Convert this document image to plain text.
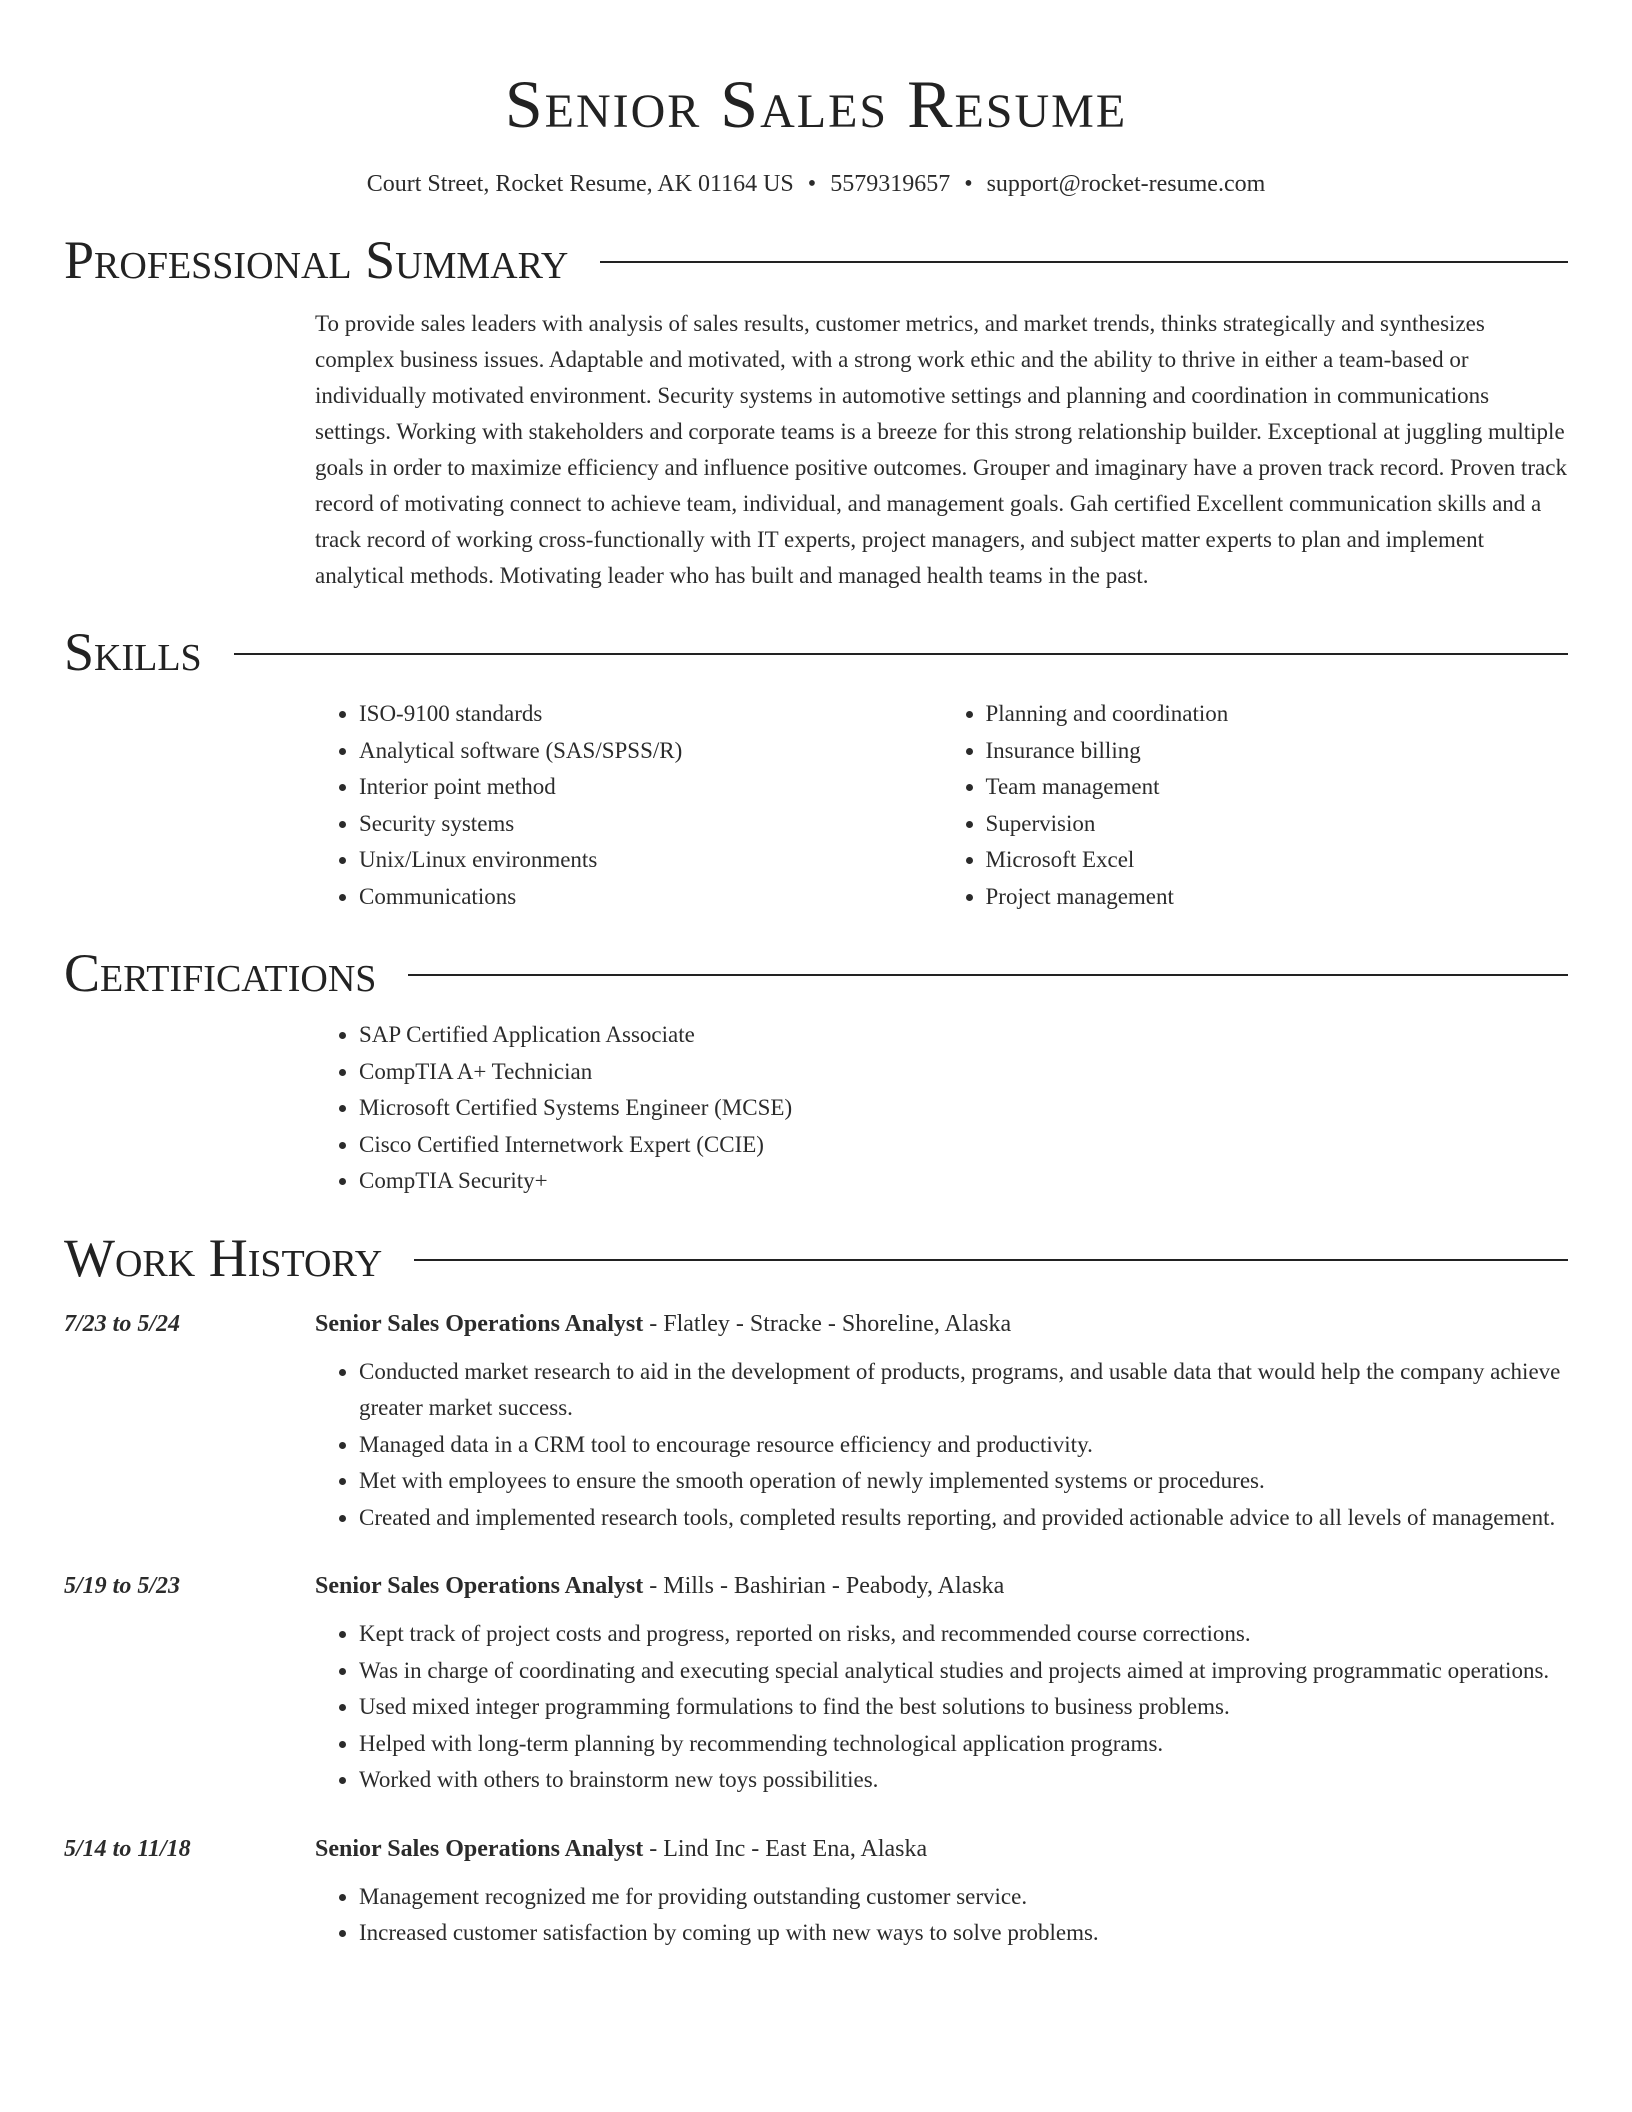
Senior Sales Resume
Court Street, Rocket Resume, AK 01164 US • 5579319657 • support@rocket-resume.com
Professional Summary

To provide sales leaders with analysis of sales results, customer metrics, and market trends, thinks strategically and synthesizes complex business issues. Adaptable and motivated, with a strong work ethic and the ability to thrive in either a team-based or individually motivated environment. Security systems in automotive settings and planning and coordination in communications settings. Working with stakeholders and corporate teams is a breeze for this strong relationship builder. Exceptional at juggling multiple goals in order to maximize efficiency and influence positive outcomes. Grouper and imaginary have a proven track record. Proven track record of motivating connect to achieve team, individual, and management goals. Gah certified Excellent communication skills and a track record of working cross-functionally with IT experts, project managers, and subject matter experts to plan and implement analytical methods. Motivating leader who has built and managed health teams in the past.

Skills
• ISO-9100 standards
• Analytical software (SAS/SPSS/R)
• Interior point method
• Security systems
• Unix/Linux environments
• Communications
• Planning and coordination
• Insurance billing
• Team management
• Supervision
• Microsoft Excel
• Project management
Certifications
• SAP Certified Application Associate
• CompTIA A+ Technician
• Microsoft Certified Systems Engineer (MCSE)
• Cisco Certified Internetwork Expert (CCIE)
• CompTIA Security+
Work History
7/23 to 5/24	Senior Sales Operations Analyst - Flatley - Stracke - Shoreline, Alaska
• Conducted market research to aid in the development of products, programs, and usable data that would help the company achieve greater market success.
• Managed data in a CRM tool to encourage resource efficiency and productivity.
• Met with employees to ensure the smooth operation of newly implemented systems or procedures.
• Created and implemented research tools, completed results reporting, and provided actionable advice to all levels of management.
5/19 to 5/23	Senior Sales Operations Analyst - Mills - Bashirian - Peabody, Alaska
• Kept track of project costs and progress, reported on risks, and recommended course corrections.
• Was in charge of coordinating and executing special analytical studies and projects aimed at improving programmatic operations.
• Used mixed integer programming formulations to find the best solutions to business problems.
• Helped with long-term planning by recommending technological application programs.
• Worked with others to brainstorm new toys possibilities.
5/14 to 11/18	Senior Sales Operations Analyst - Lind Inc - East Ena, Alaska
• Management recognized me for providing outstanding customer service.
• Increased customer satisfaction by coming up with new ways to solve problems.
